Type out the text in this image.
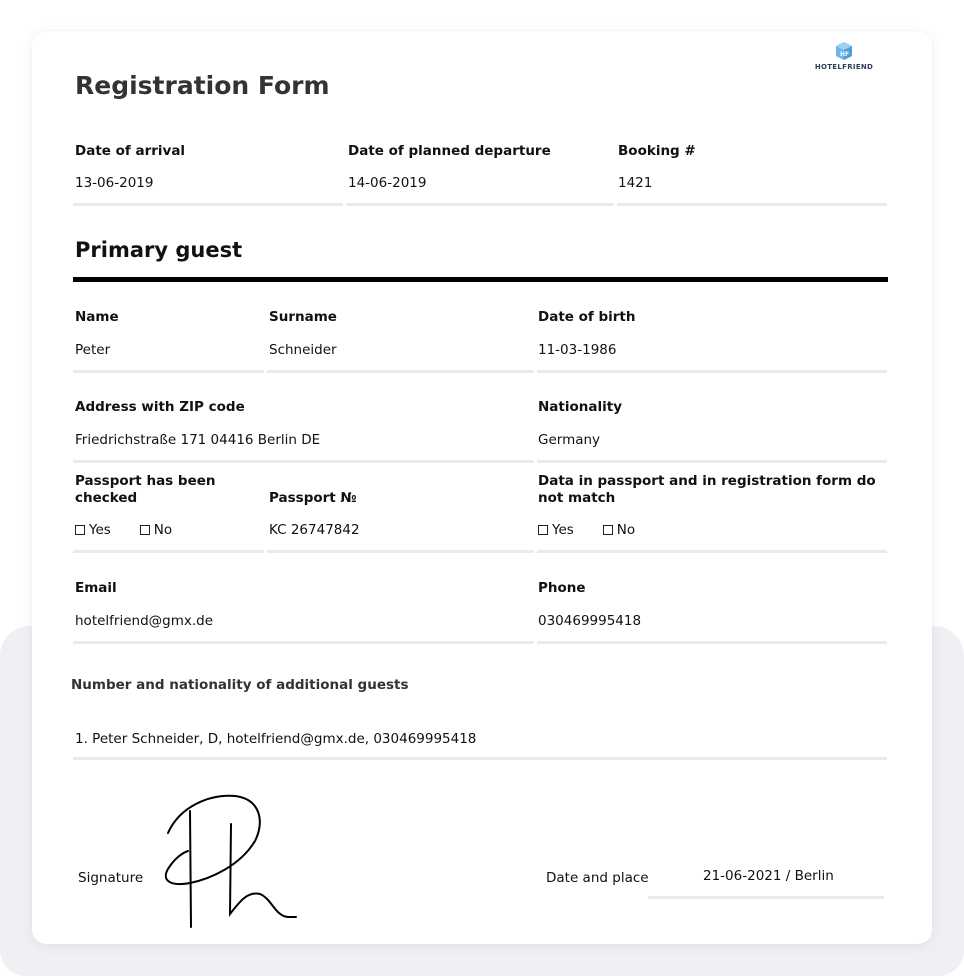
HF
HOTELFRIEND
Registration Form
Date of arrival
13-06-2019
Date of planned departure
14-06-2019
Booking #
1421
Primary guest
Name
Peter
Surname
Schneider
Date of birth
11-03-1986
Address with ZIP code
Friedrichstraße 171 04416 Berlin DE
Nationality
Germany
Passport has been checked
Yes	No
Passport №
KC 26747842
Data in passport and in registration form do not match
Yes	No
Email
hotelfriend@gmx.de
Phone
030469995418
Number and nationality of additional guests
1. Peter Schneider, D, hotelfriend@gmx.de, 030469995418
Signature	Date and place	21-06-2021 / Berlin
